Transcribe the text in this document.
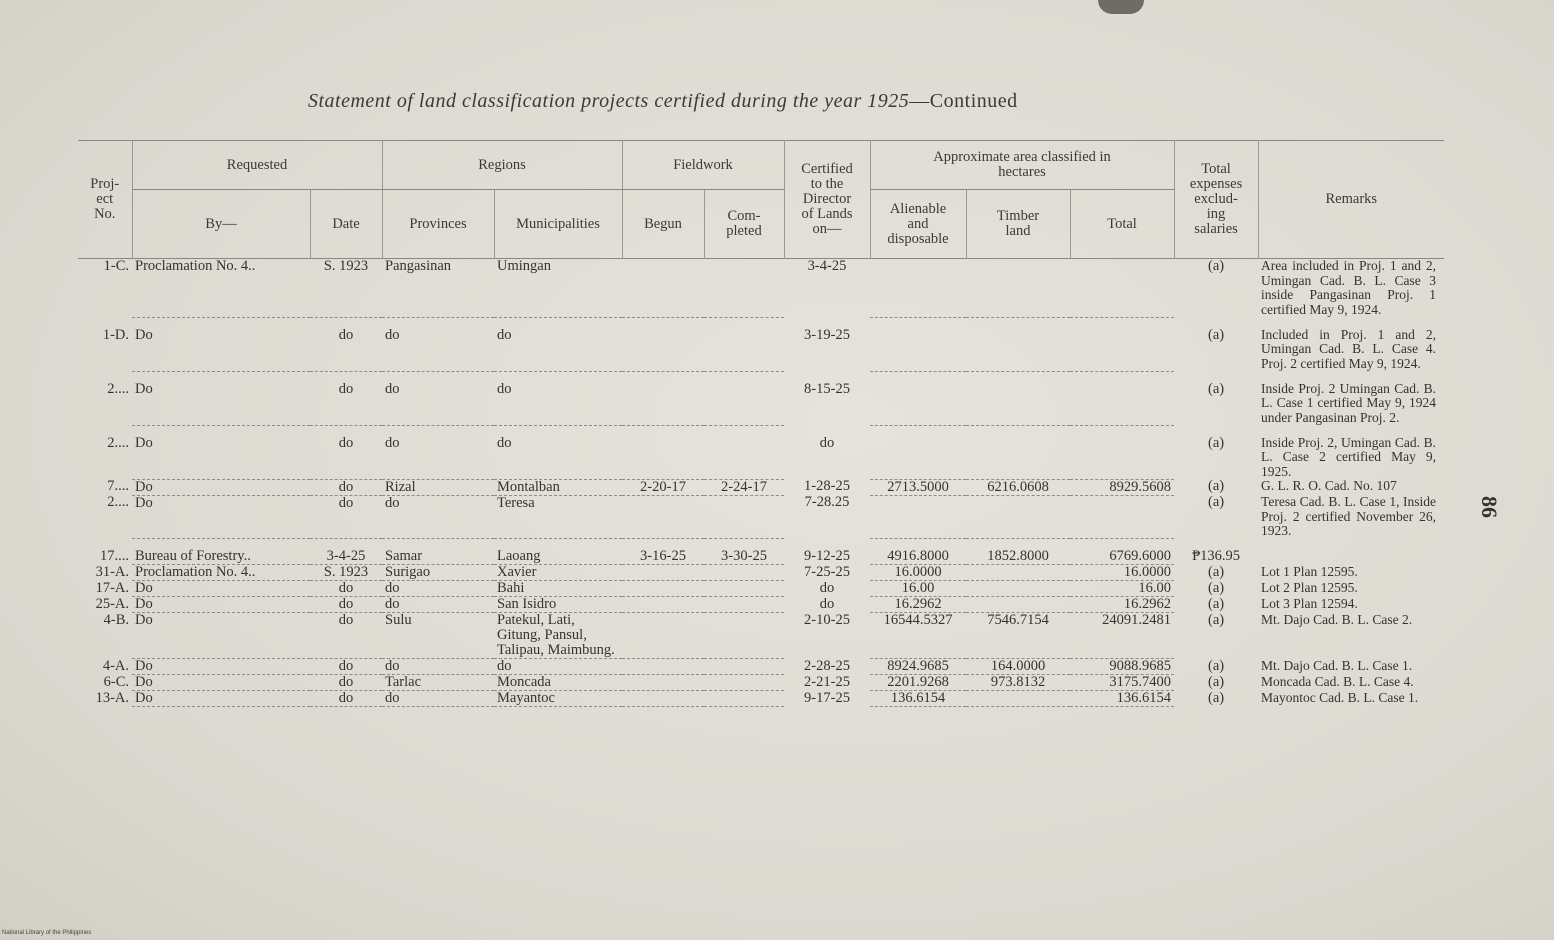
Statement of land classification projects certified during the year 1925—Continued
86
Proj-
ect
No.	Requested		Regions		Fieldwork		Certified
to the
Director
of Lands
on—	Approximate area classified in
hectares			Total
expenses
exclud-
ing
salaries	Remarks
	By—	Date	Provinces	Municipalities	Begun	Com-
pleted		Alienable
and
disposable	Timber
land	Total		
1-C.	Proclamation No. 4..	S. 1923	Pangasinan	Umingan			3-4-25				(a)	Area included in Proj. 1 and 2, Umingan Cad. B. L. Case 3 inside Pangasinan Proj. 1 certified May 9, 1924.

1-D.	Do	do	do	do			3-19-25				(a)	Included in Proj. 1 and 2, Umingan Cad. B. L. Case 4. Proj. 2 certified May 9, 1924.

2....	Do	do	do	do			8-15-25				(a)	Inside Proj. 2 Umingan Cad. B. L. Case 1 certified May 9, 1924 under Pangasinan Proj. 2.

2....	Do	do	do	do			do				(a)	Inside Proj. 2, Umingan Cad. B. L. Case 2 certified May 9, 1925.
7....	Do	do	Rizal	Montalban	2-20-17	2-24-17	1-28-25	2713.5000	6216.0608	8929.5608	(a)	G. L. R. O. Cad. No. 107
2....	Do	do	do	Teresa			7-28.25				(a)	Teresa Cad. B. L. Case 1, Inside Proj. 2 certified November 26, 1923.

17....	Bureau of Forestry..	3-4-25	Samar	Laoang	3-16-25	3-30-25	9-12-25	4916.8000	1852.8000	6769.6000	₱136.95	
31-A.	Proclamation No. 4..	S. 1923	Surigao	Xavier			7-25-25	16.0000		16.0000	(a)	Lot 1 Plan 12595.
17-A.	Do	do	do	Bahi			do	16.00		16.00	(a)	Lot 2 Plan 12595.
25-A.	Do	do	do	San Isidro			do	16.2962		16.2962	(a)	Lot 3 Plan 12594.
4-B.	Do	do	Sulu	Patekul, Lati, Gitung, Pansul, Talipau, Maimbung.			2-10-25	16544.5327	7546.7154	24091.2481	(a)	Mt. Dajo Cad. B. L. Case 2.
4-A.	Do	do	do	do			2-28-25	8924.9685	164.0000	9088.9685	(a)	Mt. Dajo Cad. B. L. Case 1.
6-C.	Do	do	Tarlac	Moncada			2-21-25	2201.9268	973.8132	3175.7400	(a)	Moncada Cad. B. L. Case 4.
13-A.	Do	do	do	Mayantoc			9-17-25	136.6154		136.6154	(a)	Mayontoc Cad. B. L. Case 1.
National Library of the Philippines
